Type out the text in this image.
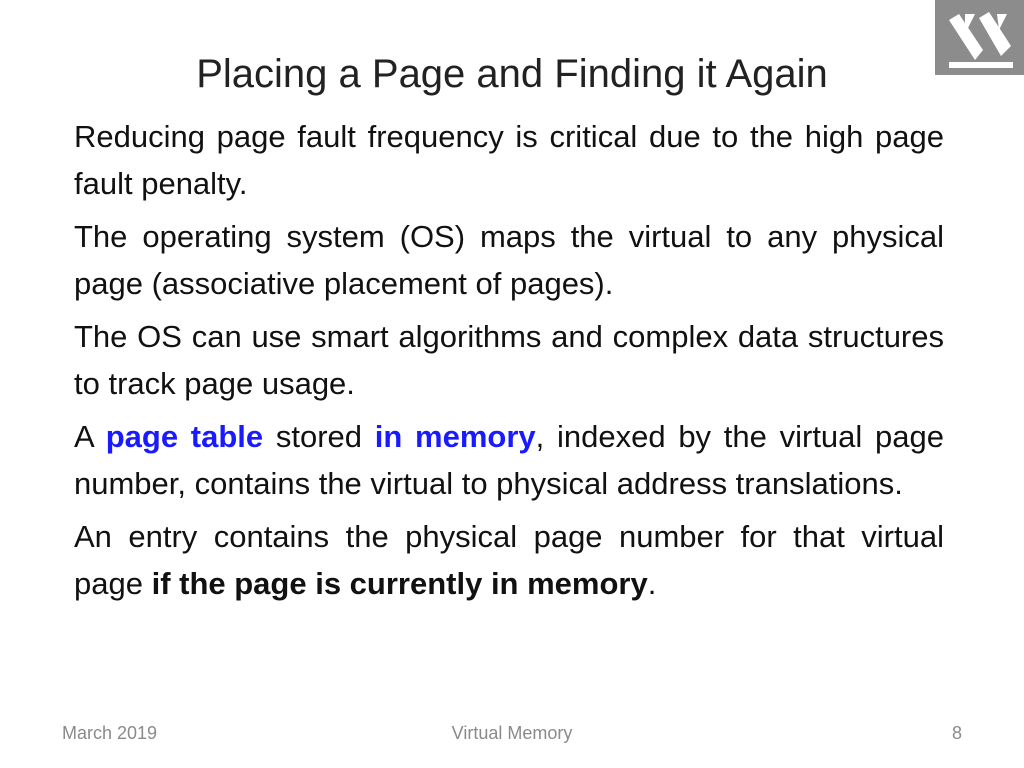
Placing a Page and Finding it Again

Reducing page fault frequency is critical due to the high page fault penalty.

The operating system (OS) maps the virtual to any physical page (associative placement of pages).

The OS can use smart algorithms and complex data structures to track page usage.

A page table stored in memory, indexed by the virtual page number, contains the virtual to physical address translations.

An entry contains the physical page number for that virtual page if the page is currently in memory.

March 2019	Virtual Memory	8
